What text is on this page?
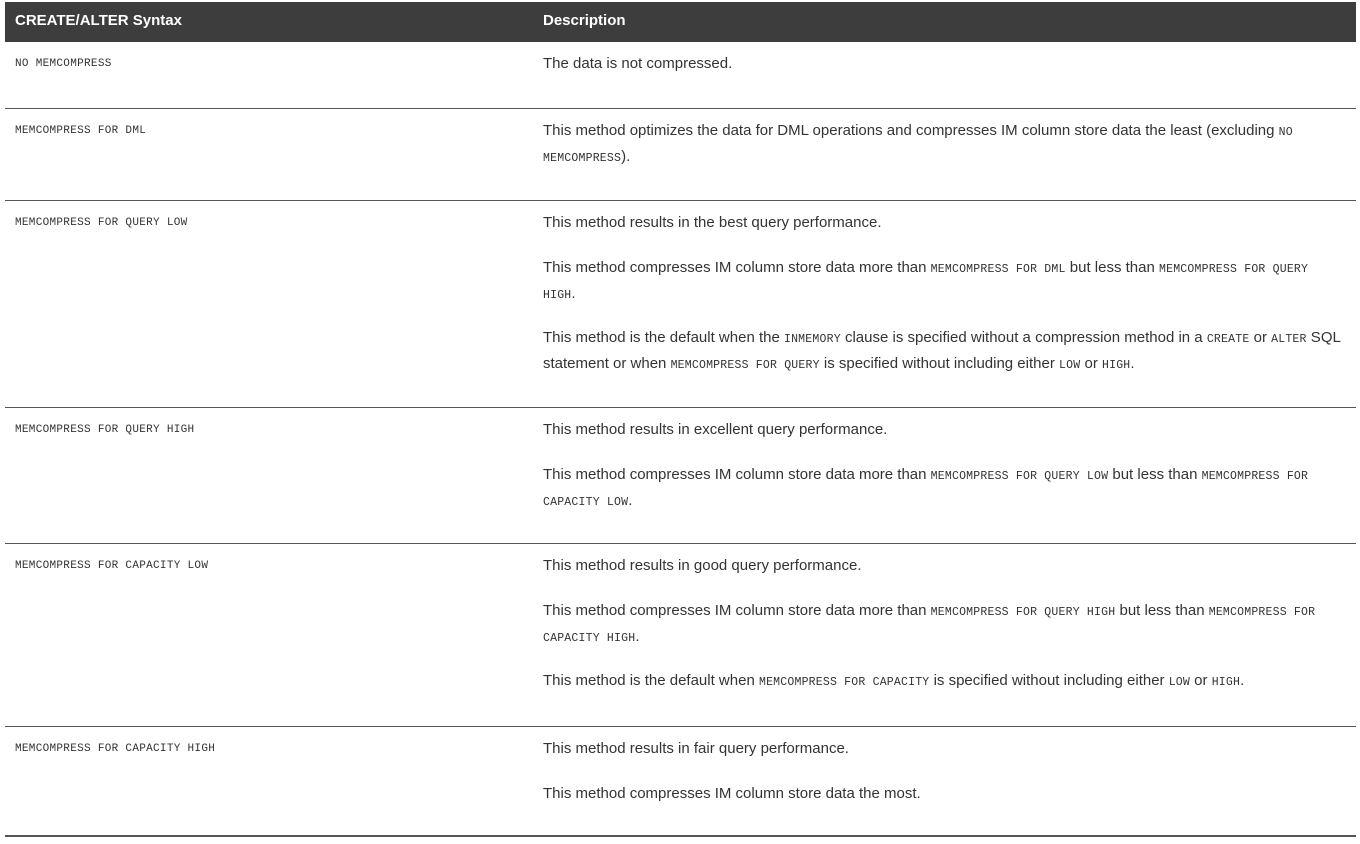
CREATE/ALTER Syntax	Description
NO MEMCOMPRESS	The data is not compressed.

MEMCOMPRESS FOR DML	This method optimizes the data for DML operations and compresses IM column store data the least (excluding NO MEMCOMPRESS).

MEMCOMPRESS FOR QUERY LOW	This method results in the best query performance.

This method compresses IM column store data more than MEMCOMPRESS FOR DML but less than MEMCOMPRESS FOR QUERY HIGH.

This method is the default when the INMEMORY clause is specified without a compression method in a CREATE or ALTER SQL statement or when MEMCOMPRESS FOR QUERY is specified without including either LOW or HIGH.

MEMCOMPRESS FOR QUERY HIGH	This method results in excellent query performance.

This method compresses IM column store data more than MEMCOMPRESS FOR QUERY LOW but less than MEMCOMPRESS FOR CAPACITY LOW.

MEMCOMPRESS FOR CAPACITY LOW	This method results in good query performance.

This method compresses IM column store data more than MEMCOMPRESS FOR QUERY HIGH but less than MEMCOMPRESS FOR CAPACITY HIGH.

This method is the default when MEMCOMPRESS FOR CAPACITY is specified without including either LOW or HIGH.

MEMCOMPRESS FOR CAPACITY HIGH	This method results in fair query performance.

This method compresses IM column store data the most.
